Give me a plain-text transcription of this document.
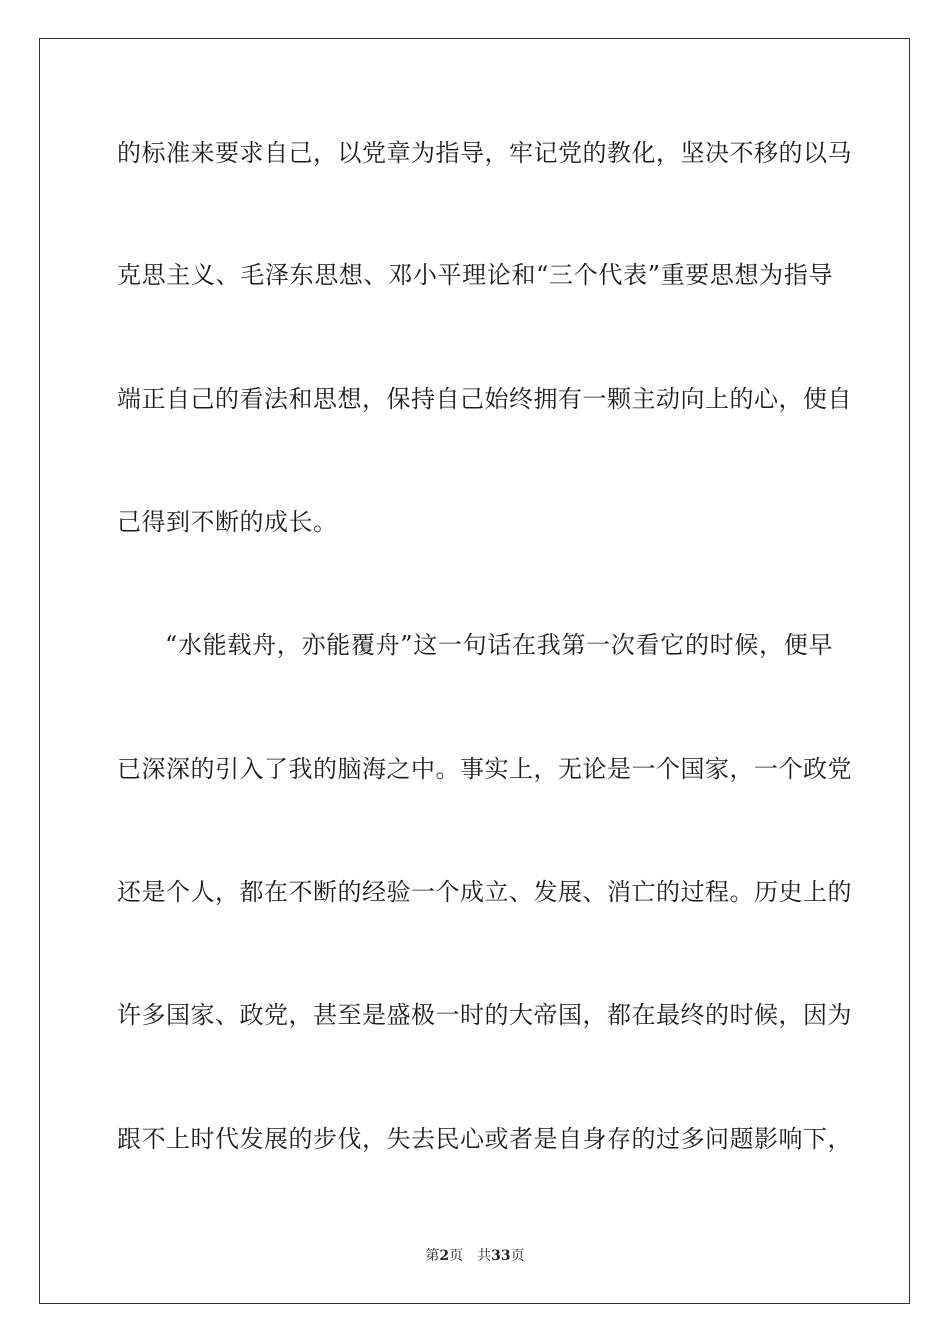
的标准来要求自己，以党章为指导，牢记党的教化，坚决不移的以马
克思主义、毛泽东思想、邓小平理论和“三个代表”重要思想为指导
端正自己的看法和思想，保持自己始终拥有一颗主动向上的心，使自
己得到不断的成长。
“水能载舟，亦能覆舟”这一句话在我第一次看它的时候，便早
已深深的引入了我的脑海之中。事实上，无论是一个国家，一个政党
还是个人，都在不断的经验一个成立、发展、消亡的过程。历史上的
许多国家、政党，甚至是盛极一时的大帝国，都在最终的时候，因为
跟不上时代发展的步伐，失去民心或者是自身存的过多问题影响下，
第2页 共33页
